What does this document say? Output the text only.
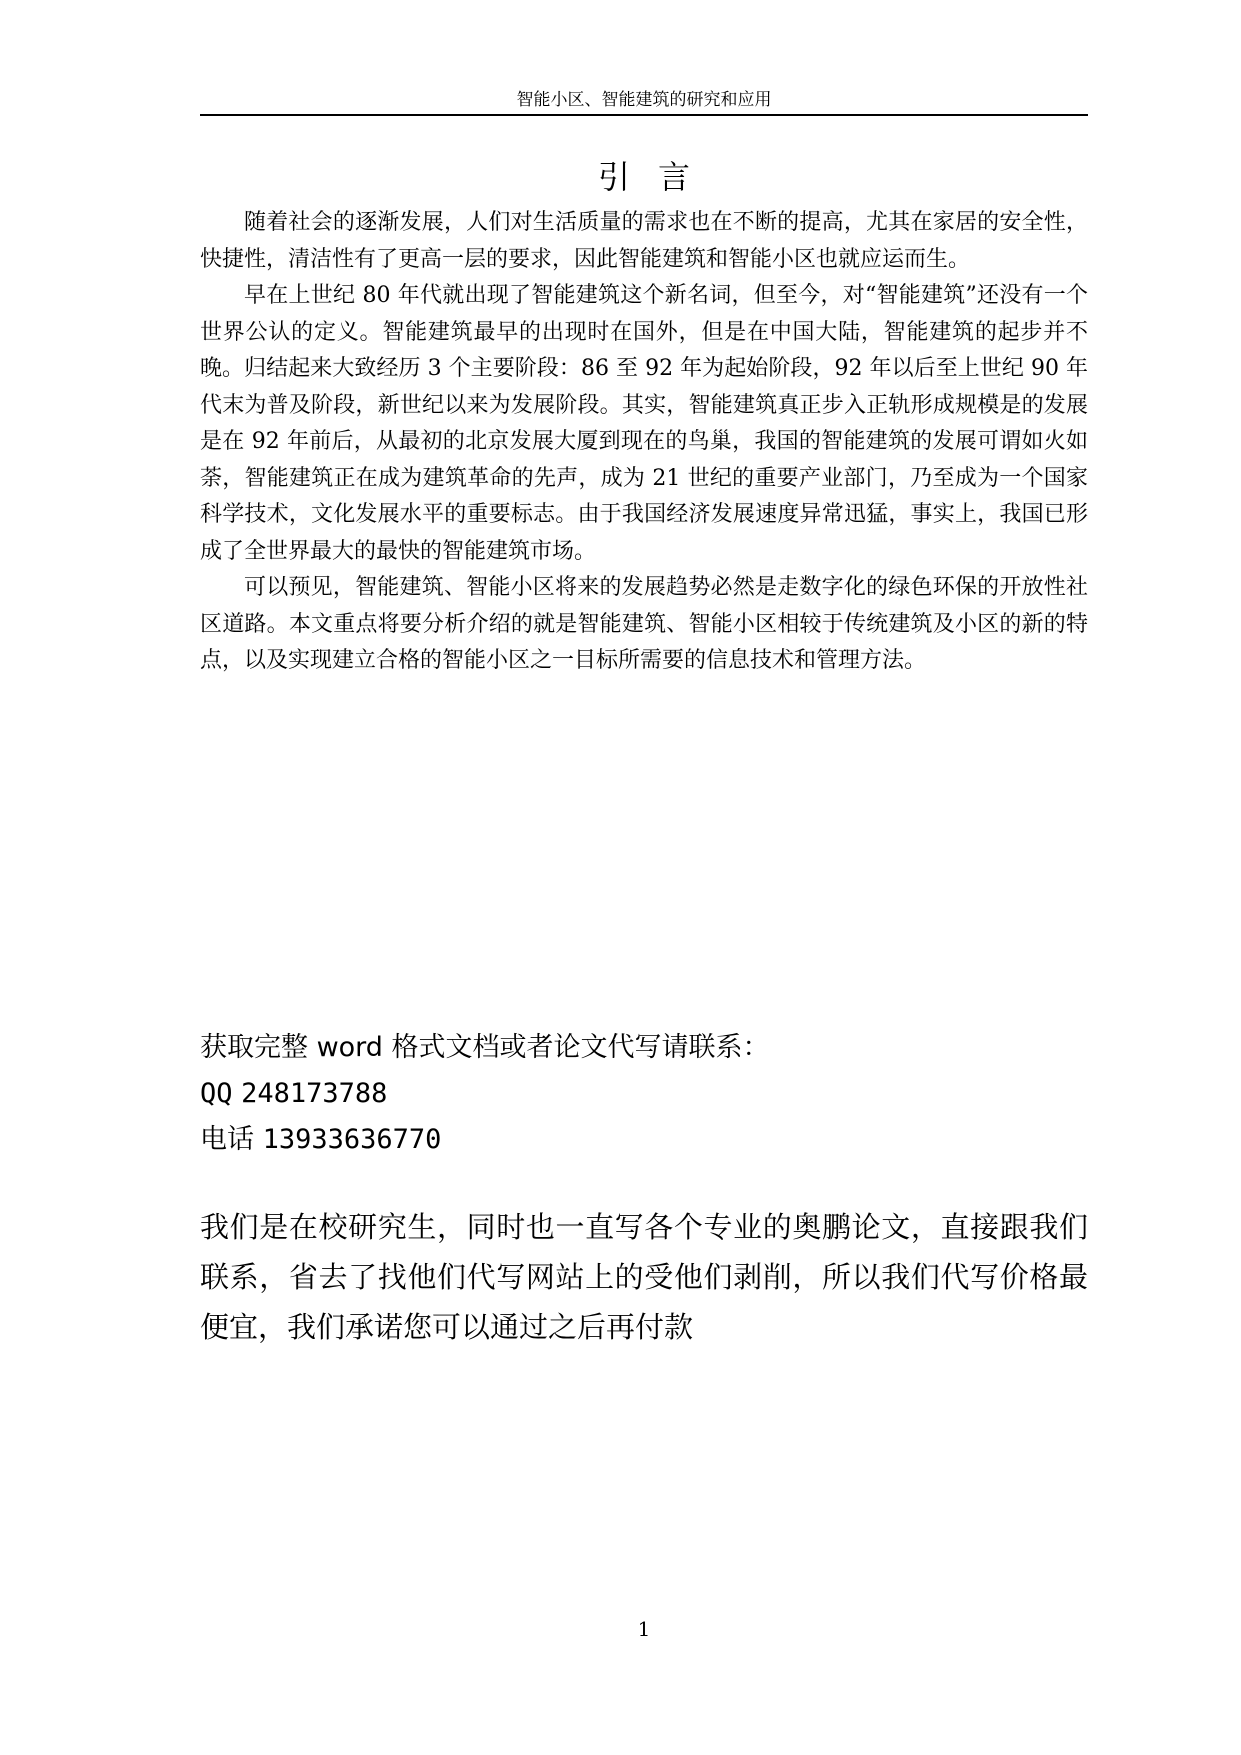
智能小区、智能建筑的研究和应用
引言

随着社会的逐渐发展，人们对生活质量的需求也在不断的提高，尤其在家居的安全性，快捷性，清洁性有了更高一层的要求，因此智能建筑和智能小区也就应运而生。

早在上世纪 80 年代就出现了智能建筑这个新名词，但至今，对“智能建筑”还没有一个世界公认的定义。智能建筑最早的出现时在国外，但是在中国大陆，智能建筑的起步并不晚。归结起来大致经历 3 个主要阶段：86 至 92 年为起始阶段，92 年以后至上世纪 90 年代末为普及阶段，新世纪以来为发展阶段。其实，智能建筑真正步入正轨形成规模是的发展是在 92 年前后，从最初的北京发展大厦到现在的鸟巢，我国的智能建筑的发展可谓如火如荼，智能建筑正在成为建筑革命的先声，成为 21 世纪的重要产业部门，乃至成为一个国家科学技术，文化发展水平的重要标志。由于我国经济发展速度异常迅猛，事实上，我国已形成了全世界最大的最快的智能建筑市场。

可以预见，智能建筑、智能小区将来的发展趋势必然是走数字化的绿色环保的开放性社区道路。本文重点将要分析介绍的就是智能建筑、智能小区相较于传统建筑及小区的新的特点，以及实现建立合格的智能小区之一目标所需要的信息技术和管理方法。

获取完整 word 格式文档或者论文代写请联系：
QQ 248173788
电话 13933636770
我们是在校研究生，同时也一直写各个专业的奥鹏论文，直接跟我们联系，省去了找他们代写网站上的受他们剥削，所以我们代写价格最便宜，我们承诺您可以通过之后再付款
1
